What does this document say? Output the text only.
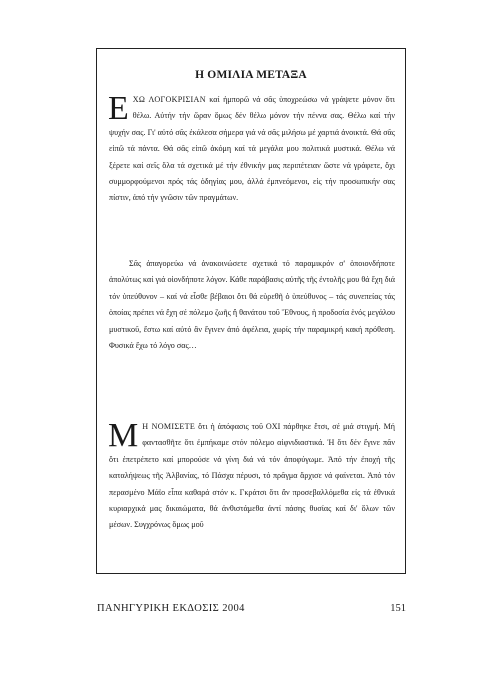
Η ΟΜΙΛΙΑ ΜΕΤΑΞΑ

ΕΧΩ ΛΟΓΟΚΡΙΣΙΑΝ καί ἠμπορῶ νά σᾶς ὑποχρεώσω νά γράψετε μόνον ὅτι θέλω. Αὐτήν τήν ὥραν ὅμως δέν θέλω μόνον τήν πέννα σας. Θέλω καί τήν ψυχήν σας. Γι' αὐτό σᾶς ἐκάλεσα σήμερα γιά νά σᾶς μιλήσω μέ χαρτιά ἀνοικτά. Θά σᾶς εἰπῶ τά πάντα. Θά σᾶς εἰπῶ ἀκόμη καί τά μεγάλα μου πολιτικά μυστικά. Θέλω νά ξέρετε καί σεῖς ὅλα τά σχετικά μέ τήν ἐθνικήν μας περιπέτειαν ὥστε νά γράφετε, ὄχι συμμορφούμενοι πρός τάς ὁδηγίας μου, ἀλλά ἐμπνεόμενοι, εἰς τήν προσωπικήν σας πίστιν, ἀπό τήν γνῶσιν τῶν πραγμάτων.

Σᾶς ἀπαγορεύω νά ἀνακοινώσετε σχετικά τό παραμικρόν σ' ὁποιονδήποτε ἀπολύτως καί γιά οἱονδήποτε λόγον. Κάθε παράβασις αὐτῆς τῆς ἐντολῆς μου θά ἔχη διά τόν ὑπεύθυνον – καί νά εἶσθε βέβαιοι ὅτι θά εὑρεθῆ ὁ ὑπεύθυνος – τάς συνεπείας τάς ὁποίας πρέπει νά ἔχη σέ πόλεμο ζωῆς ἢ θανάτου τοῦ Ἔθνους, ἡ προδοσία ἑνός μεγάλου μυστικοῦ, ἔστω καί αὐτό ἂν ἔγινεν ἀπό ἀφέλεια, χωρίς τήν παραμικρή κακή πρόθεση. Φυσικά ἔχω τό λόγο σας…

Μ Η ΝΟΜΙΣΕΤΕ ὅτι ἡ ἀπόφασις τοῦ ΟΧΙ πάρθηκε ἔτσι, σέ μιά στιγμή. Μή φαντασθῆτε ὅτι ἐμπήκαμε στόν πόλεμο αἰφνιδιαστικά. Ἡ ὅτι δέν ἔγινε πᾶν ὅτι ἐπετρέπετο καί μπορούσε νά γίνη διά νά τόν ἀποφύγωμε. Ἀπό τήν ἐποχή τῆς καταλήψεως τῆς Ἀλβανίας, τό Πάσχα πέρυσι, τό πρᾶγμα ἄρχισε νά φαίνεται. Ἀπό τόν περασμένο Μάϊο εἶπα καθαρά στόν κ. Γκράτσι ὅτι ἂν προσεβαλλόμεθα εἰς τά ἐθνικά κυριαρχικά μας δικαιώματα, θά ἀνθιστάμεθα ἀντί πάσης θυσίας καί δι' ὅλων τῶν μέσων. Συγχρόνως ὅμως μοῦ

ΠΑΝΗΓΥΡΙΚΗ ΕΚΔΟΣΙΣ 2004	151
